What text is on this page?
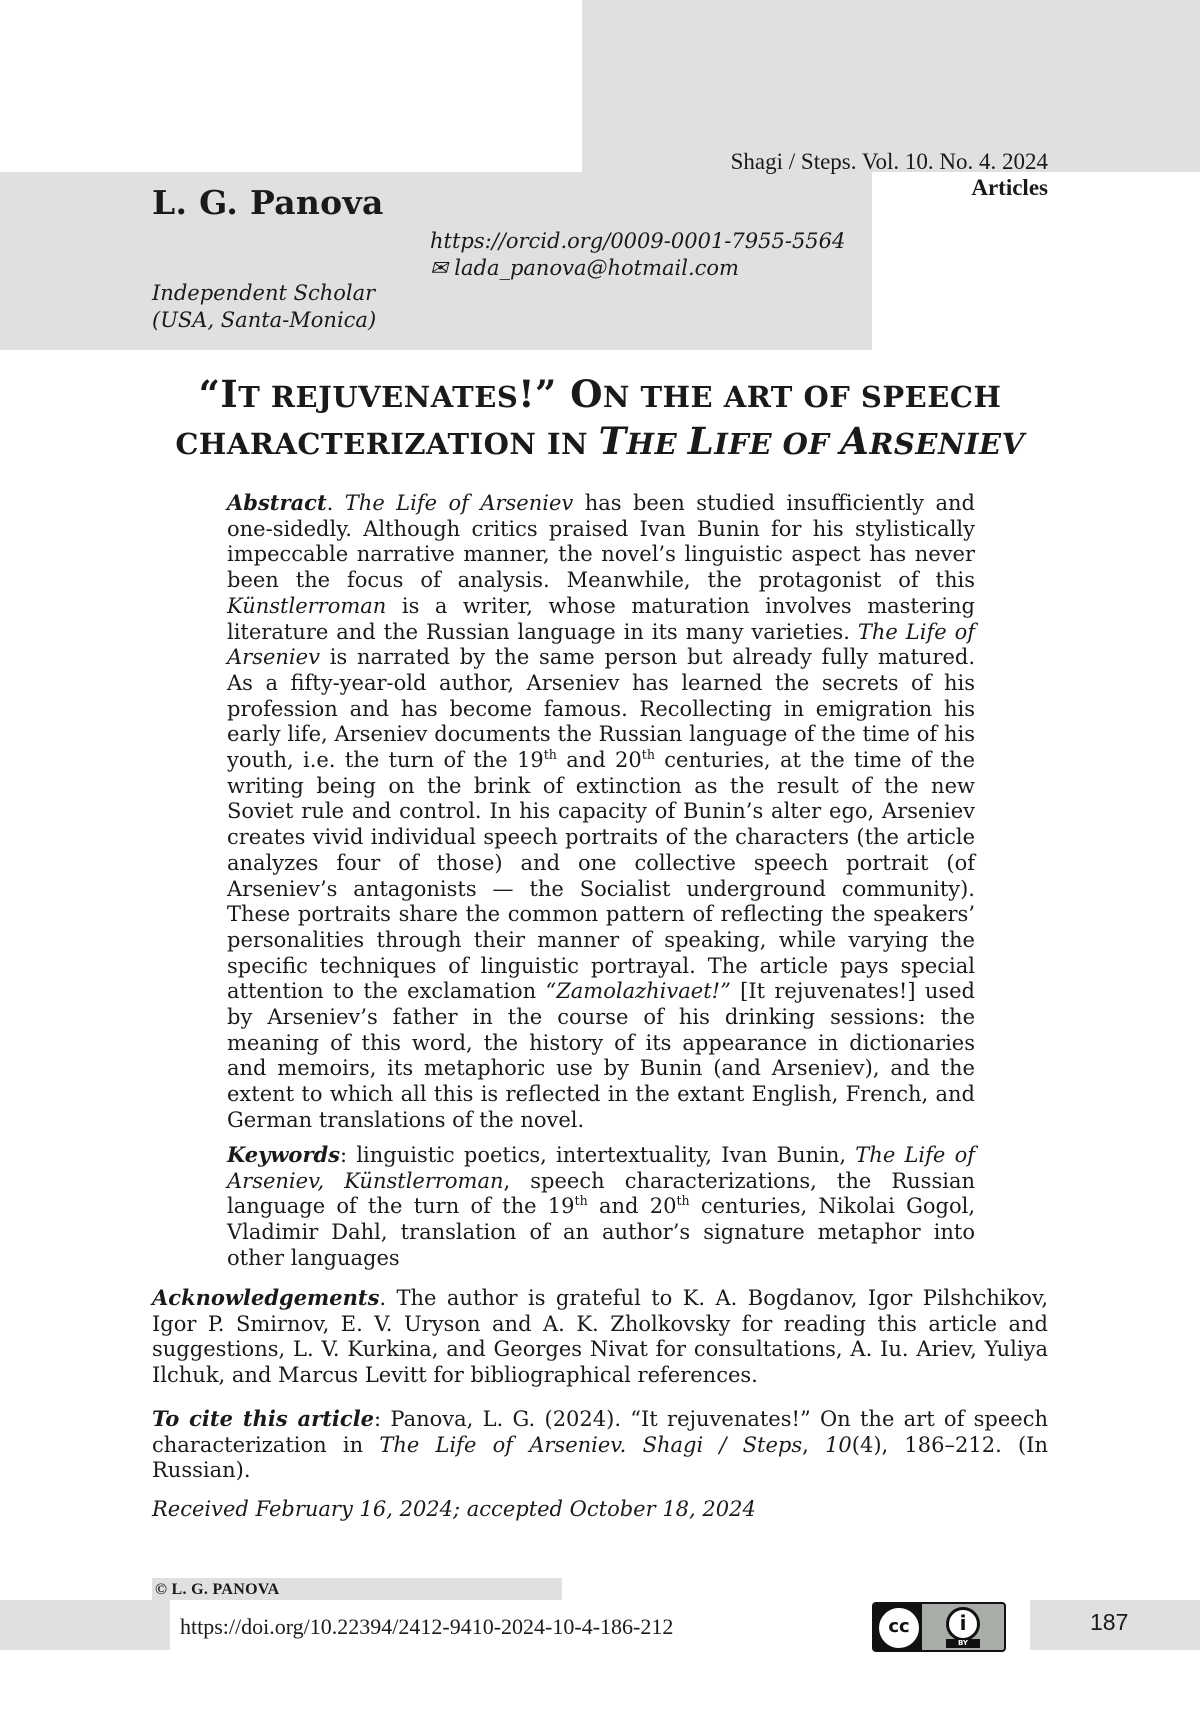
Shagi / Steps. Vol. 10. No. 4. 2024
Articles
L. G. Panova
https://orcid.org/0009-0001-7955-5564
✉ lada_panova@hotmail.com
Independent Scholar
(USA, Santa-Monica)
“IT REJUVENATES!” ON THE ART OF SPEECH
CHARACTERIZATION IN THE LIFE OF ARSENIEV
Abstract. The Life of Arseniev has been studied insufficiently and one-sidedly. Although critics praised Ivan Bunin for his stylistically impeccable narrative manner, the novel’s linguistic aspect has never been the focus of analysis. Meanwhile, the protagonist of this Künstlerroman is a writer, whose maturation involves mastering literature and the Russian language in its many varieties. The Life of Arseniev is narrated by the same person but already fully matured. As a fifty-year-old author, Arseniev has learned the secrets of his profession and has become famous. Recollecting in emigration his early life, Arseniev documents the Russian language of the time of his youth, i.e. the turn of the 19th and 20th centuries, at the time of the writing being on the brink of extinction as the result of the new Soviet rule and control. In his capacity of Bunin’s alter ego, Arseniev creates vivid individual speech portraits of the characters (the article analyzes four of those) and one collective speech portrait (of Arseniev’s antagonists — the Socialist underground community). These portraits share the common pattern of reflecting the speakers’ personalities through their manner of speaking, while varying the specific techniques of linguistic portrayal. The article pays special attention to the exclamation “Zamolazhivaet!” [It rejuvenates!] used by Arseniev’s father in the course of his drinking sessions: the meaning of this word, the history of its appearance in dictionaries and memoirs, its metaphoric use by Bunin (and Arseniev), and the extent to which all this is reflected in the extant English, French, and German translations of the novel.
Keywords: linguistic poetics, intertextuality, Ivan Bunin, The Life of Arseniev, Künstlerroman, speech characterizations, the Russian language of the turn of the 19th and 20th centuries, Nikolai Gogol, Vladimir Dahl, translation of an author’s signature metaphor into other languages
Acknowledgements. The author is grateful to K. A. Bogdanov, Igor Pilshchikov, Igor P. Smirnov, E. V. Uryson and A. K. Zholkovsky for reading this article and suggestions, L. V. Kurkina, and Georges Nivat for consultations, A. Iu. Ariev, Yuliya Ilchuk, and Marcus Levitt for bibliographical references.
To cite this article: Panova, L. G. (2024). “It rejuvenates!” On the art of speech characterization in The Life of Arseniev. Shagi / Steps, 10(4), 186–212. (In Russian).
Received February 16, 2024; accepted October 18, 2024
© L. G. PANOVA
https://doi.org/10.22394/2412-9410-2024-10-4-186-212	cc	i
BY
187
